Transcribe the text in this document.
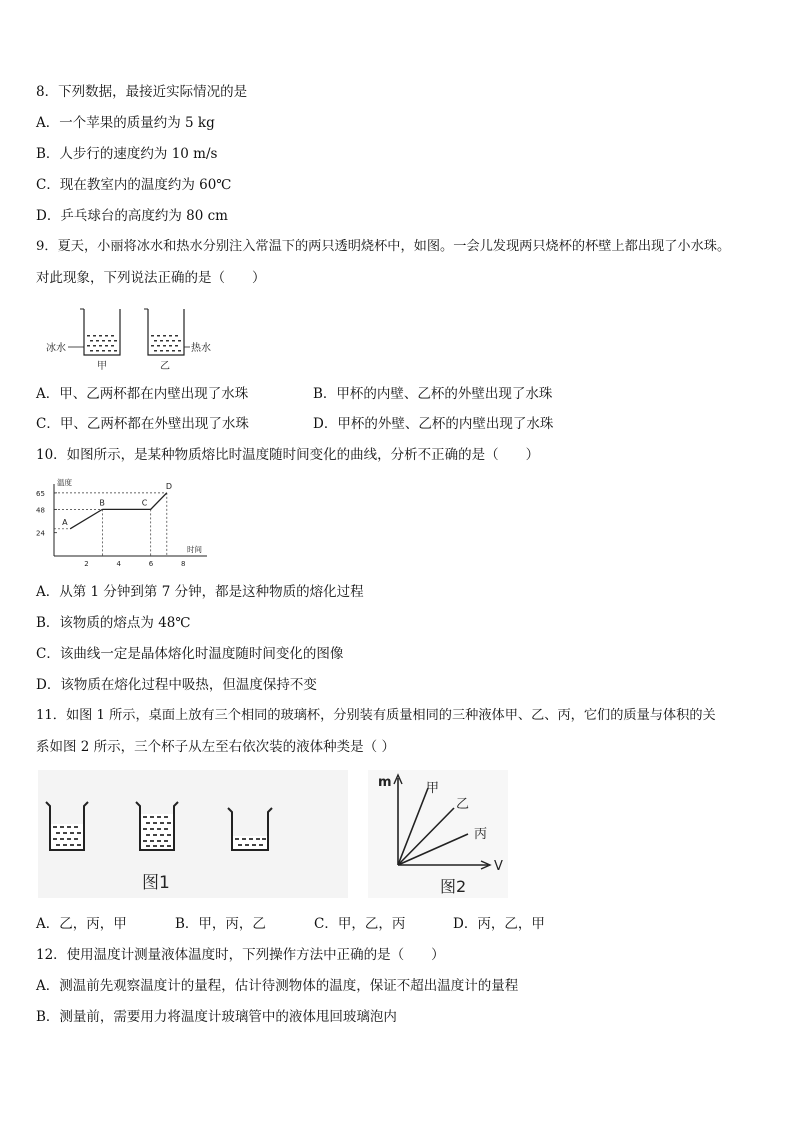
8．下列数据，最接近实际情况的是
A．一个苹果的质量约为 5 kg
B．人步行的速度约为 10 m/s
C．现在教室内的温度约为 60℃
D．乒乓球台的高度约为 80 cm
9．夏天，小丽将冰水和热水分别注入常温下的两只透明烧杯中，如图。一会儿发现两只烧杯的杯壁上都出现了小水珠。
对此现象，下列说法正确的是（　　）
冰水
甲
热水
乙
A．甲、乙两杯都在内壁出现了水珠	B．甲杯的内壁、乙杯的外壁出现了水珠
C．甲、乙两杯都在外壁出现了水珠	D．甲杯的外壁、乙杯的内壁出现了水珠
10．如图所示，是某种物质熔比时温度随时间变化的曲线，分析不正确的是（　　）
温度
时间
2	4	6	8
24
48
65
A
B	C
D
A．从第 1 分钟到第 7 分钟，都是这种物质的熔化过程
B．该物质的熔点为 48℃
C．该曲线一定是晶体熔化时温度随时间变化的图像
D．该物质在熔化过程中吸热，但温度保持不变
11．如图 1 所示，桌面上放有三个相同的玻璃杯，分别装有质量相同的三种液体甲、乙、丙，它们的质量与体积的关
系如图 2 所示，三个杯子从左至右依次装的液体种类是（ ）
图1
m
V
甲
乙
丙
图2
A．乙，丙，甲	B．甲，丙，乙	C．甲，乙，丙	D．丙，乙，甲
12．使用温度计测量液体温度时，下列操作方法中正确的是（　　）
A．测温前先观察温度计的量程，估计待测物体的温度，保证不超出温度计的量程
B．测量前，需要用力将温度计玻璃管中的液体甩回玻璃泡内
